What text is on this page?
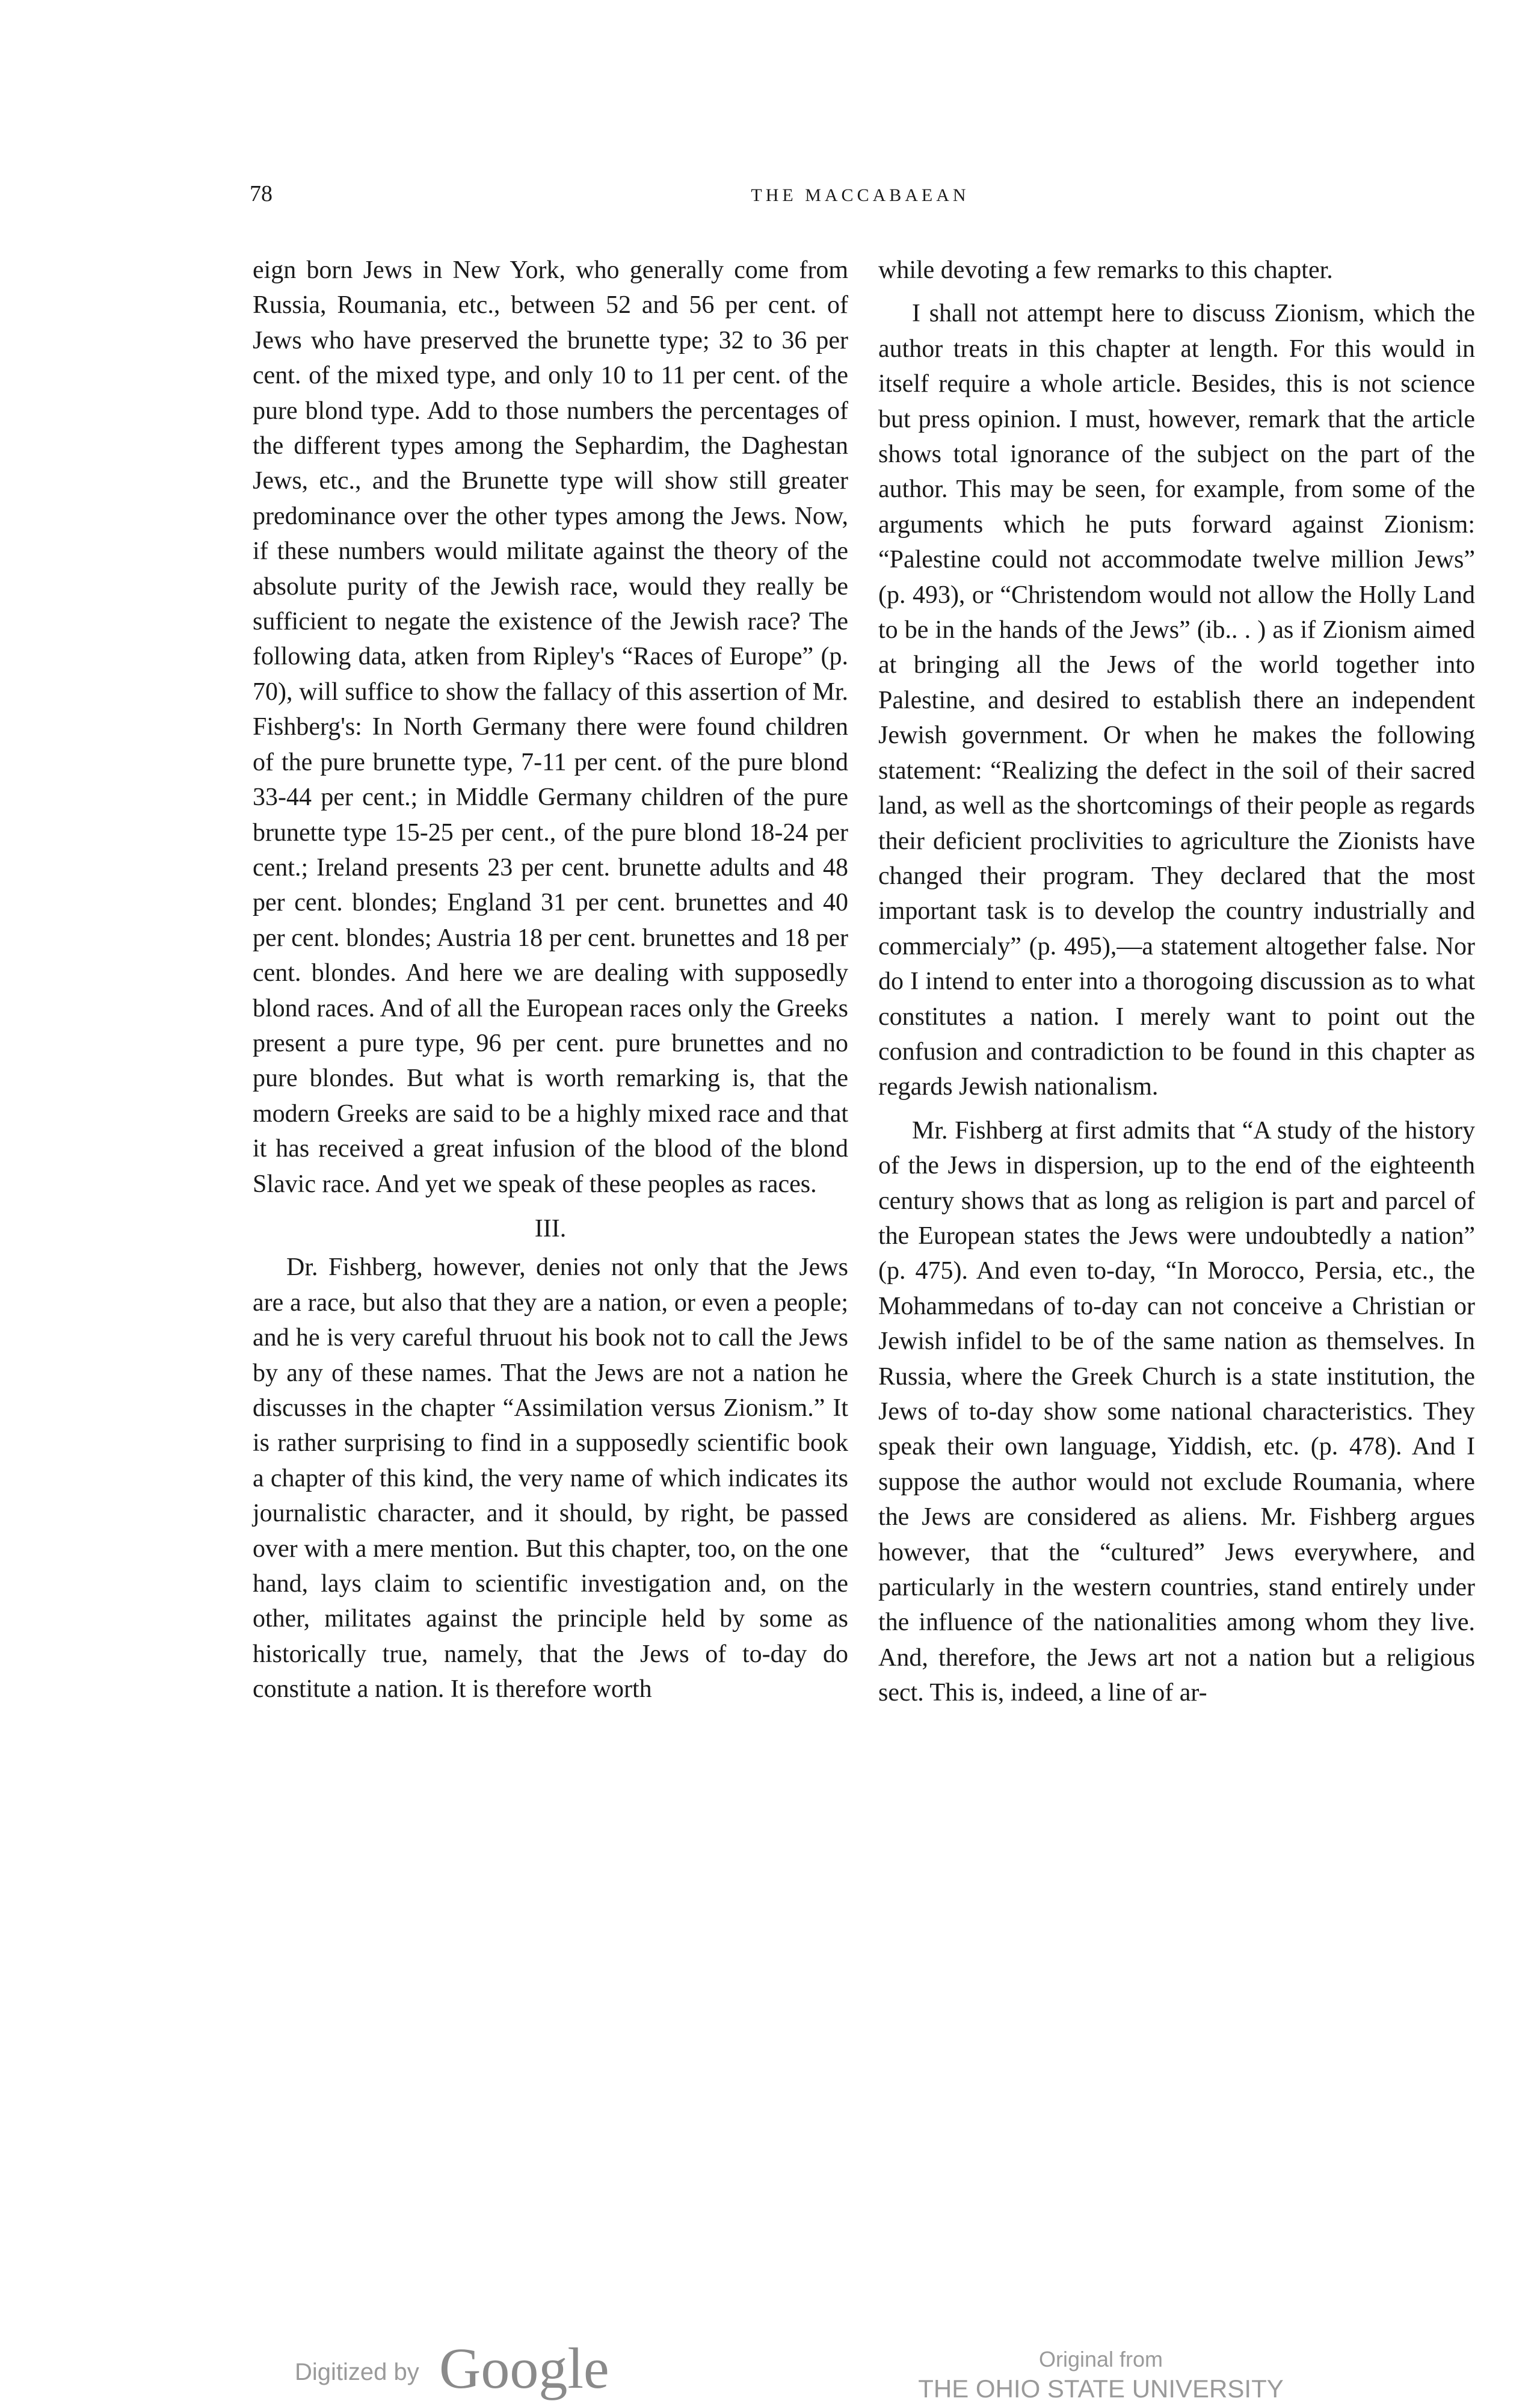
78	THE MACCABAEAN

eign born Jews in New York, who generally come from Russia, Roumania, etc., between 52 and 56 per cent. of Jews who have preserved the brunette type; 32 to 36 per cent. of the mixed type, and only 10 to 11 per cent. of the pure blond type. Add to those numbers the percentages of the different types among the Sephardim, the Daghestan Jews, etc., and the Brunette type will show still greater predominance over the other types among the Jews. Now, if these numbers would militate against the theory of the absolute purity of the Jewish race, would they really be sufficient to negate the existence of the Jewish race? The following data, atken from Ripley's “Races of Europe” (p. 70), will suffice to show the fallacy of this assertion of Mr. Fishberg's: In North Germany there were found children of the pure brunette type, 7-11 per cent. of the pure blond 33-44 per cent.; in Middle Germany children of the pure brunette type 15-25 per cent., of the pure blond 18-24 per cent.; Ireland presents 23 per cent. brunette adults and 48 per cent. blondes; England 31 per cent. brunettes and 40 per cent. blondes; Austria 18 per cent. brunettes and 18 per cent. blondes. And here we are dealing with supposedly blond races. And of all the European races only the Greeks present a pure type, 96 per cent. pure brunettes and no pure blondes. But what is worth remarking is, that the modern Greeks are said to be a highly mixed race and that it has received a great infusion of the blood of the blond Slavic race. And yet we speak of these peoples as races.

III.

Dr. Fishberg, however, denies not only that the Jews are a race, but also that they are a nation, or even a people; and he is very careful thruout his book not to call the Jews by any of these names. That the Jews are not a nation he discusses in the chapter “Assimilation versus Zionism.” It is rather surprising to find in a supposedly scientific book a chapter of this kind, the very name of which indicates its journalistic character, and it should, by right, be passed over with a mere mention. But this chapter, too, on the one hand, lays claim to scientific investigation and, on the other, militates against the principle held by some as historically true, namely, that the Jews of to-day do constitute a nation. It is therefore worth

while devoting a few remarks to this chapter.

I shall not attempt here to discuss Zionism, which the author treats in this chapter at length. For this would in itself require a whole article. Besides, this is not science but press opinion. I must, however, remark that the article shows total ignorance of the subject on the part of the author. This may be seen, for example, from some of the arguments which he puts forward against Zionism: “Palestine could not accommodate twelve million Jews” (p. 493), or “Christendom would not allow the Holly Land to be in the hands of the Jews” (ib.. . ) as if Zionism aimed at bringing all the Jews of the world together into Palestine, and desired to establish there an independent Jewish government. Or when he makes the following statement: “Realizing the defect in the soil of their sacred land, as well as the shortcomings of their people as regards their deficient proclivities to agriculture the Zionists have changed their program. They declared that the most important task is to develop the country industrially and commercialy” (p. 495),—a statement altogether false. Nor do I intend to enter into a thorogoing discussion as to what constitutes a nation. I merely want to point out the confusion and contradiction to be found in this chapter as regards Jewish nationalism.

Mr. Fishberg at first admits that “A study of the history of the Jews in dispersion, up to the end of the eighteenth century shows that as long as religion is part and parcel of the European states the Jews were undoubtedly a nation” (p. 475). And even to-day, “In Morocco, Persia, etc., the Mohammedans of to-day can not conceive a Christian or Jewish infidel to be of the same nation as themselves. In Russia, where the Greek Church is a state institution, the Jews of to-day show some national characteristics. They speak their own language, Yiddish, etc. (p. 478). And I suppose the author would not exclude Roumania, where the Jews are considered as aliens. Mr. Fishberg argues however, that the “cultured” Jews everywhere, and particularly in the western countries, stand entirely under the influence of the nationalities among whom they live. And, therefore, the Jews art not a nation but a religious sect. This is, indeed, a line of ar-

Digitized by Google	Original from
THE OHIO STATE UNIVERSITY
